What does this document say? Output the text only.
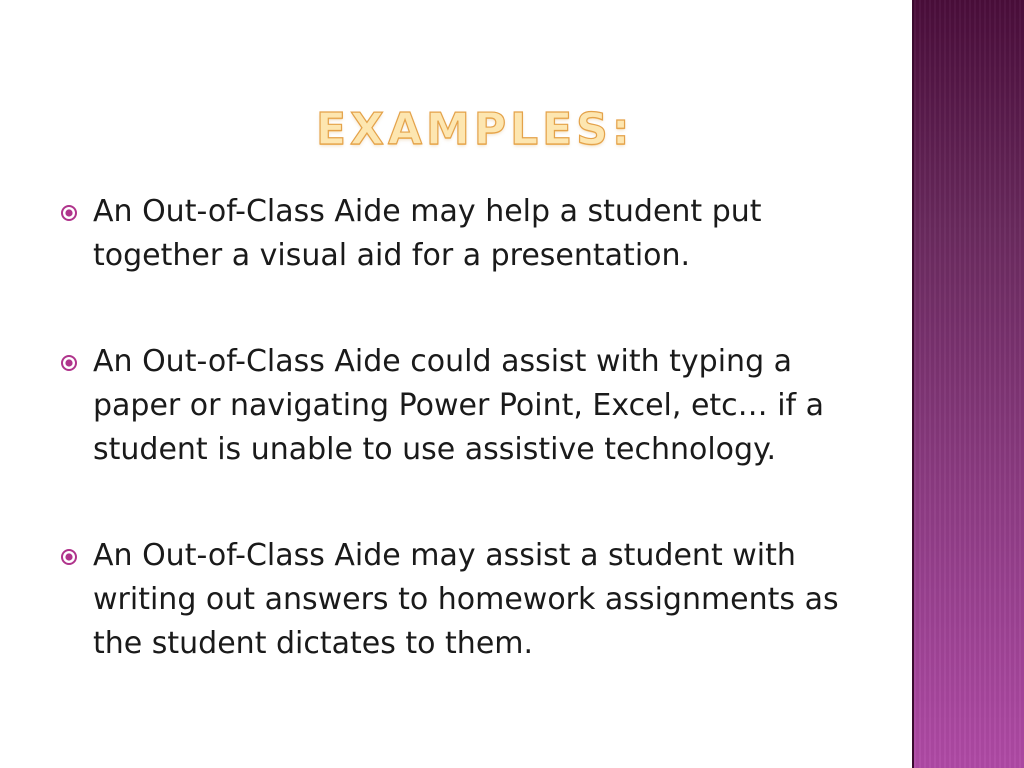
EXAMPLES:
An Out-of-Class Aide may help a student put together a visual aid for a presentation.
An Out-of-Class Aide could assist with typing a paper or navigating Power Point, Excel, etc… if a student is unable to use assistive technology.
An Out-of-Class Aide may assist a student with writing out answers to homework assignments as the student dictates to them.
